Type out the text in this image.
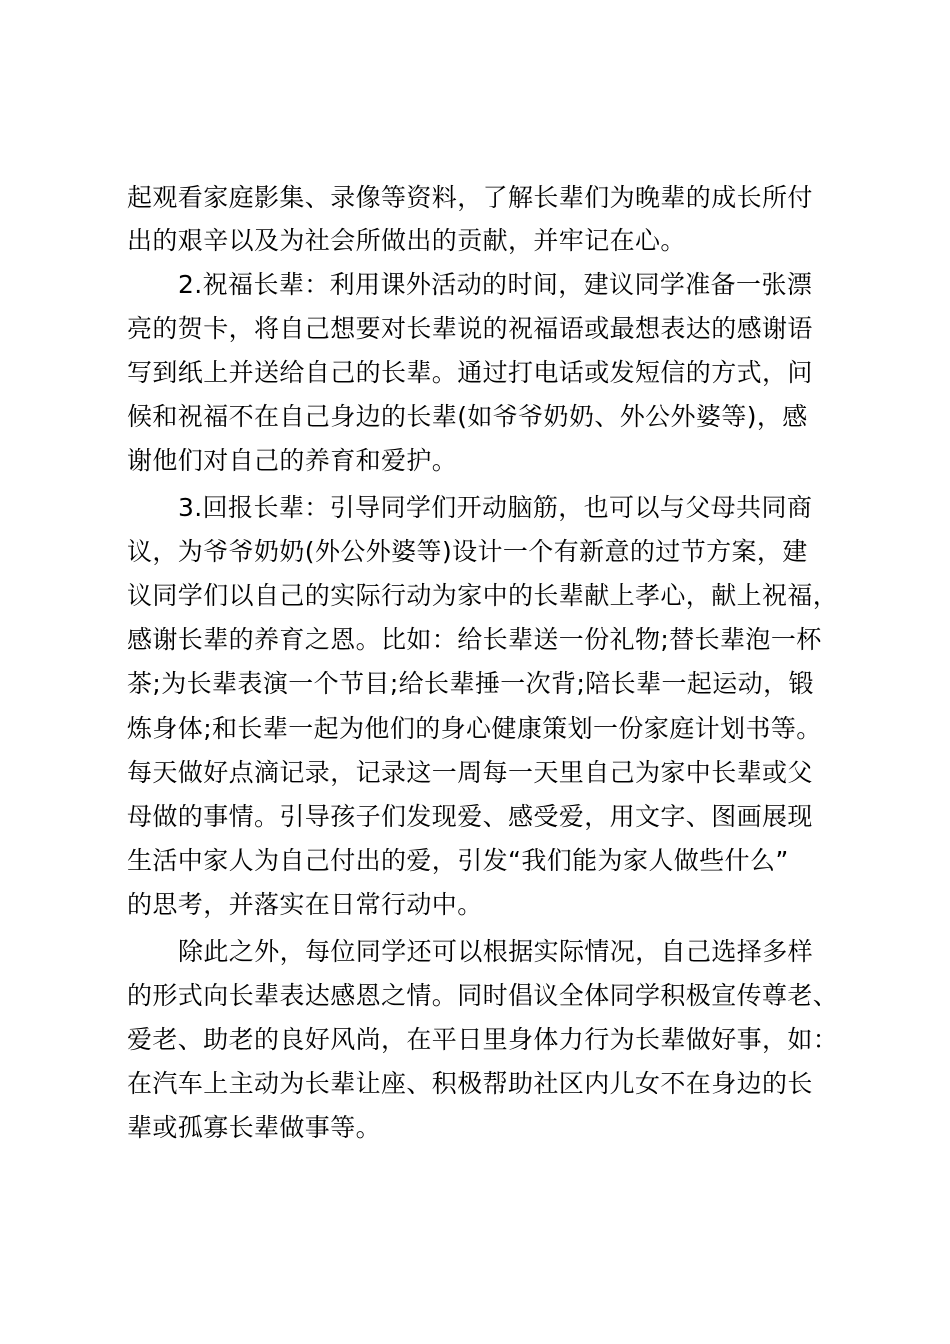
起观看家庭影集、录像等资料，了解长辈们为晚辈的成长所付
出的艰辛以及为社会所做出的贡献，并牢记在心。
2.祝福长辈：利用课外活动的时间，建议同学准备一张漂
亮的贺卡，将自己想要对长辈说的祝福语或最想表达的感谢语
写到纸上并送给自己的长辈。通过打电话或发短信的方式，问
候和祝福不在自己身边的长辈(如爷爷奶奶、外公外婆等)，感
谢他们对自己的养育和爱护。
3.回报长辈：引导同学们开动脑筋，也可以与父母共同商
议，为爷爷奶奶(外公外婆等)设计一个有新意的过节方案，建
议同学们以自己的实际行动为家中的长辈献上孝心，献上祝福，
感谢长辈的养育之恩。比如：给长辈送一份礼物;替长辈泡一杯
茶;为长辈表演一个节目;给长辈捶一次背;陪长辈一起运动，锻
炼身体;和长辈一起为他们的身心健康策划一份家庭计划书等。
每天做好点滴记录，记录这一周每一天里自己为家中长辈或父
母做的事情。引导孩子们发现爱、感受爱，用文字、图画展现
生活中家人为自己付出的爱，引发“我们能为家人做些什么”
的思考，并落实在日常行动中。
除此之外，每位同学还可以根据实际情况，自己选择多样
的形式向长辈表达感恩之情。同时倡议全体同学积极宣传尊老、
爱老、助老的良好风尚，在平日里身体力行为长辈做好事，如：
在汽车上主动为长辈让座、积极帮助社区内儿女不在身边的长
辈或孤寡长辈做事等。
